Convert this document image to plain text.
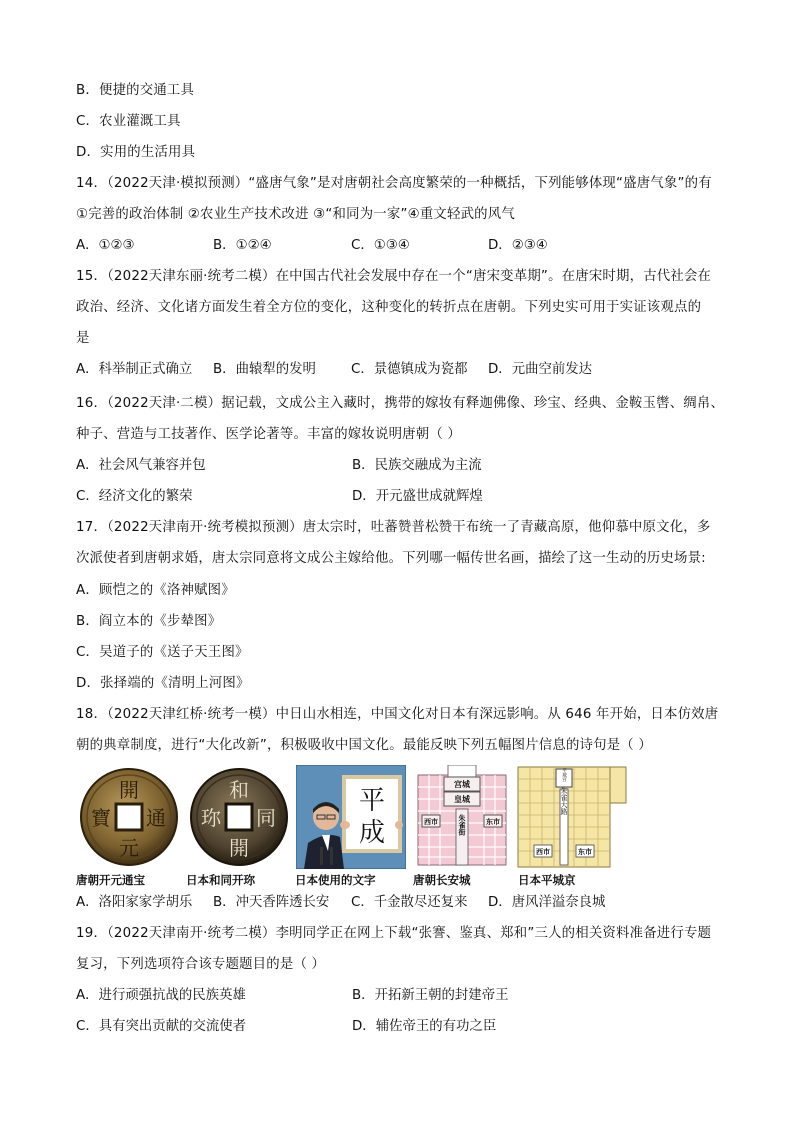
B．便捷的交通工具
C．农业灌溉工具
D．实用的生活用具
14．（2022天津·模拟预测）“盛唐气象”是对唐朝社会高度繁荣的一种概括，下列能够体现“盛唐气象”的有
①完善的政治体制 ②农业生产技术改进 ③“和同为一家”④重文轻武的风气
A．①②③	B．①②④	C．①③④	D．②③④
15．（2022天津东丽·统考二模）在中国古代社会发展中存在一个“唐宋变革期”。在唐宋时期，古代社会在
政治、经济、文化诸方面发生着全方位的变化，这种变化的转折点在唐朝。下列史实可用于实证该观点的
是
A．科举制正式确立 B．曲辕犁的发明	C．景德镇成为瓷都 D．元曲空前发达
16．（2022天津·二模）据记载，文成公主入藏时，携带的嫁妆有释迦佛像、珍宝、经典、金鞍玉辔、绸帛、
种子、营造与工技著作、医学论著等。丰富的嫁妆说明唐朝（ ）
A．社会风气兼容并包	B．民族交融成为主流
C．经济文化的繁荣	D．开元盛世成就辉煌
17．（2022天津南开·统考模拟预测）唐太宗时，吐蕃赞普松赞干布统一了青藏高原，他仰慕中原文化，多
次派使者到唐朝求婚，唐太宗同意将文成公主嫁给他。下列哪一幅传世名画，描绘了这一生动的历史场景:
A．顾恺之的《洛神赋图》
B．阎立本的《步辇图》
C．吴道子的《送子天王图》
D．张择端的《清明上河图》
18．（2022天津红桥·统考一模）中日山水相连，中国文化对日本有深远影响。从 646 年开始，日本仿效唐
朝的典章制度，进行“大化改新”，积极吸收中国文化。最能反映下列五幅图片信息的诗句是（ ）
開
元
通
寶
和
開
同
珎
平
成
宫城
皇城
西市	东市
朱雀街
平城宫
朱雀大路
西市	东市
唐朝开元通宝	日本和同开珎	日本使用的文字	唐朝长安城	日本平城京
A．洛阳家家学胡乐 B．冲天香阵透长安 C．千金散尽还复来 D．唐风洋溢奈良城
19．（2022天津南开·统考二模）李明同学正在网上下载“张謇、鉴真、郑和”三人的相关资料准备进行专题
复习，下列选项符合该专题题目的是（ ）
A．进行顽强抗战的民族英雄	B．开拓新王朝的封建帝王
C．具有突出贡献的交流使者	D．辅佐帝王的有功之臣
